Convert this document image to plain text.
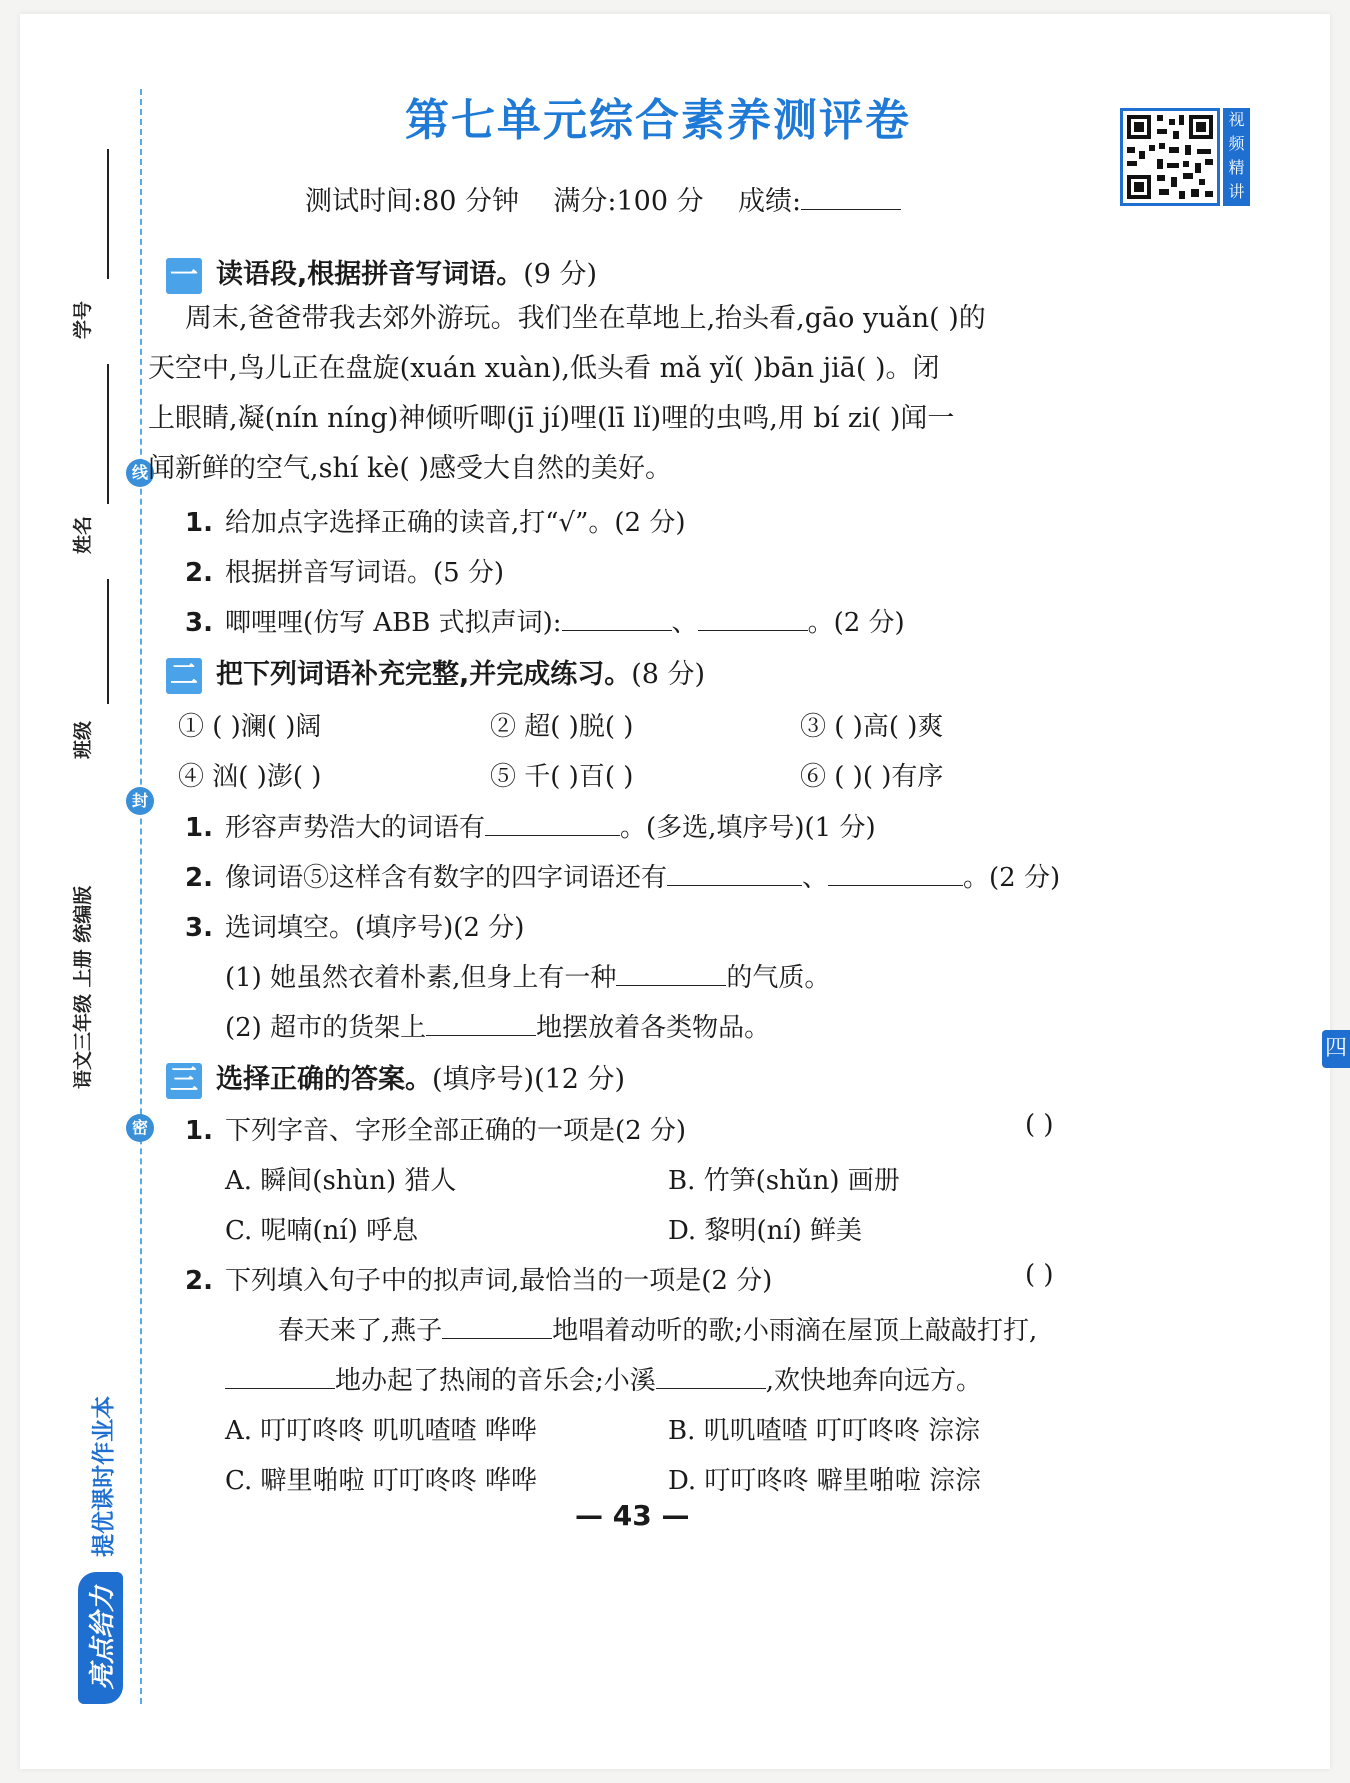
线
封
密
学号
姓名
班级
语文三年级 上册 统编版
亮点给力 提优课时作业本
第七单元综合素养测评卷	视频精讲
测试时间:80 分钟 满分:100 分 成绩:
一 读语段,根据拼音写词语。(9 分)
周末,爸爸带我去郊外游玩。我们坐在草地上,抬头看,gāo yuǎn( )的
天空中,鸟儿正在盘旋(xuán xuàn),低头看 mǎ yǐ( )bān jiā( )。闭
上眼睛,凝(nín níng)神倾听唧(jī jí)哩(lī lǐ)哩的虫鸣,用 bí zi( )闻一
闻新鲜的空气,shí kè( )感受大自然的美好。
1. 给加点字选择正确的读音,打“√”。(2 分)
2. 根据拼音写词语。(5 分)
3. 唧哩哩(仿写 ABB 式拟声词):	、	。(2 分)
二 把下列词语补充完整,并完成练习。(8 分)
① ( )澜( )阔	② 超( )脱( )	③ ( )高( )爽
④ 汹( )澎( )	⑤ 千( )百( )	⑥ ( )( )有序
1. 形容声势浩大的词语有	。(多选,填序号)(1 分)
2. 像词语⑤这样含有数字的四字词语还有	、	。(2 分)
3. 选词填空。(填序号)(2 分)
(1) 她虽然衣着朴素,但身上有一种	的气质。
(2) 超市的货架上	地摆放着各类物品。
三 选择正确的答案。(填序号)(12 分)
1. 下列字音、字形全部正确的一项是(2 分)	( )
A. 瞬间(shùn) 猎人	B. 竹笋(shǔn) 画册
C. 呢喃(ní) 呼息	D. 黎明(ní) 鲜美
2. 下列填入句子中的拟声词,最恰当的一项是(2 分)	( )
春天来了,燕子	地唱着动听的歌;小雨滴在屋顶上敲敲打打,
地办起了热闹的音乐会;小溪	,欢快地奔向远方。
A. 叮叮咚咚 叽叽喳喳 哗哗	B. 叽叽喳喳 叮叮咚咚 淙淙
C. 噼里啪啦 叮叮咚咚 哗哗	D. 叮叮咚咚 噼里啪啦 淙淙
— 43 —
四
